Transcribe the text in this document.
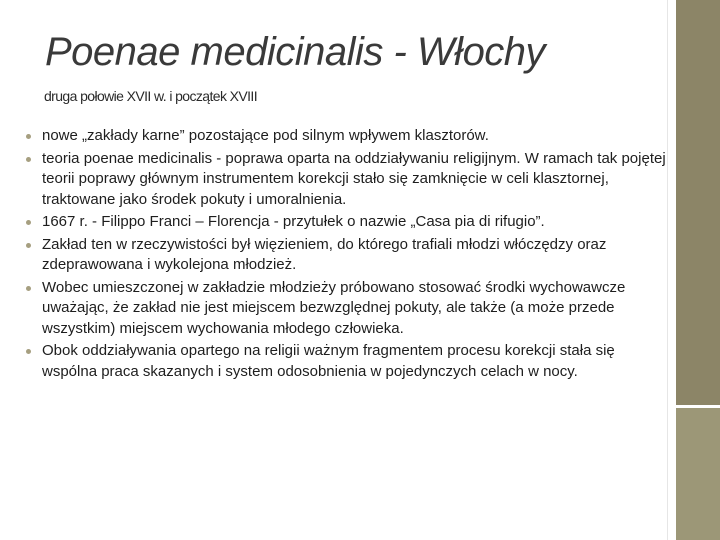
Poenae medicinalis - Włochy
druga połowie XVII w. i początek XVIII
nowe „zakłady karne” pozostające pod silnym wpływem klasztorów.
teoria poenae medicinalis - poprawa oparta na oddziaływaniu religijnym. W ramach tak pojętej teorii poprawy głównym instrumentem korekcji stało się zamknięcie w celi klasztornej, traktowane jako środek pokuty i umoralnienia.
1667 r. - Filippo Franci – Florencja - przytułek o nazwie „Casa pia di rifugio”.
Zakład ten w rzeczywistości był więzieniem, do którego trafiali młodzi włóczędzy oraz zdeprawowana i wykolejona młodzież.
Wobec umieszczonej w zakładzie młodzieży próbowano stosować środki wychowawcze uważając, że zakład nie jest miejscem bezwzględnej pokuty, ale także (a może przede wszystkim) miejscem wychowania młodego człowieka.
Obok oddziaływania opartego na religii ważnym fragmentem procesu korekcji stała się wspólna praca skazanych i system odosobnienia w pojedynczych celach w nocy.
